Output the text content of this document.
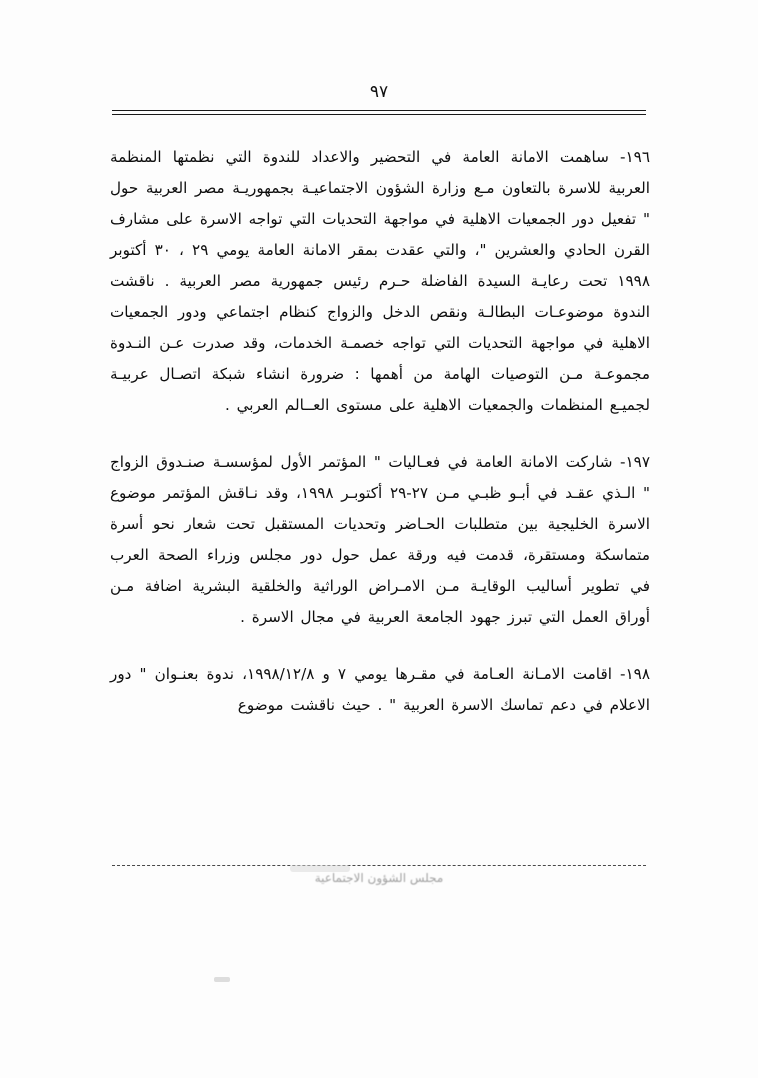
٩٧

١٩٦- ساهمت الامانة العامة في التحضير والاعداد للندوة التي نظمتها المنظمة العربية للاسرة بالتعاون مـع وزارة الشؤون الاجتماعيـة بجمهوريـة مصر العربية حول " تفعيل دور الجمعيات الاهلية في مواجهة التحديات التي تواجه الاسرة على مشارف القرن الحادي والعشرين "، والتي عقدت بمقر الامانة العامة يومي ٢٩ ، ٣٠ أكتوبر ١٩٩٨ تحت رعايـة السيدة الفاضلة حـرم رئيس جمهورية مصر العربية . ناقشت الندوة موضوعـات البطالـة ونقص الدخل والزواج كنظام اجتماعي ودور الجمعيات الاهلية في مواجهة التحديات التي تواجه خصمـة الخدمات، وقد صدرت عـن النـدوة مجموعـة مـن التوصيات الهامة من أهمها : ضرورة انشاء شبكة اتصـال عربيـة لجميـع المنظمات والجمعيات الاهلية على مستوى العــالم العربي .

١٩٧- شاركت الامانة العامة في فعـاليات " المؤتمر الأول لمؤسسـة صنـدوق الزواج " الـذي عقـد في أبـو ظبـي مـن ٢٧-٢٩ أكتوبـر ١٩٩٨، وقد نـاقش المؤتمر موضوع الاسرة الخليجية بين متطلبات الحـاضر وتحديات المستقبل تحت شعار نحو أسرة متماسكة ومستقرة، قدمت فيه ورقة عمل حول دور مجلس وزراء الصحة العرب في تطوير أساليب الوقايـة مـن الامـراض الوراثية والخلقية البشرية اضافة مـن أوراق العمل التي تبرز جهود الجامعة العربية في مجال الاسرة .

١٩٨- اقامت الامـانة العـامة في مقـرها يومي ٧ و ١٩٩٨/١٢/٨، ندوة بعنـوان " دور الاعلام في دعم تماسك الاسرة العربية " . حيث ناقشت موضوع

مجلس الشؤون الاجتماعية
